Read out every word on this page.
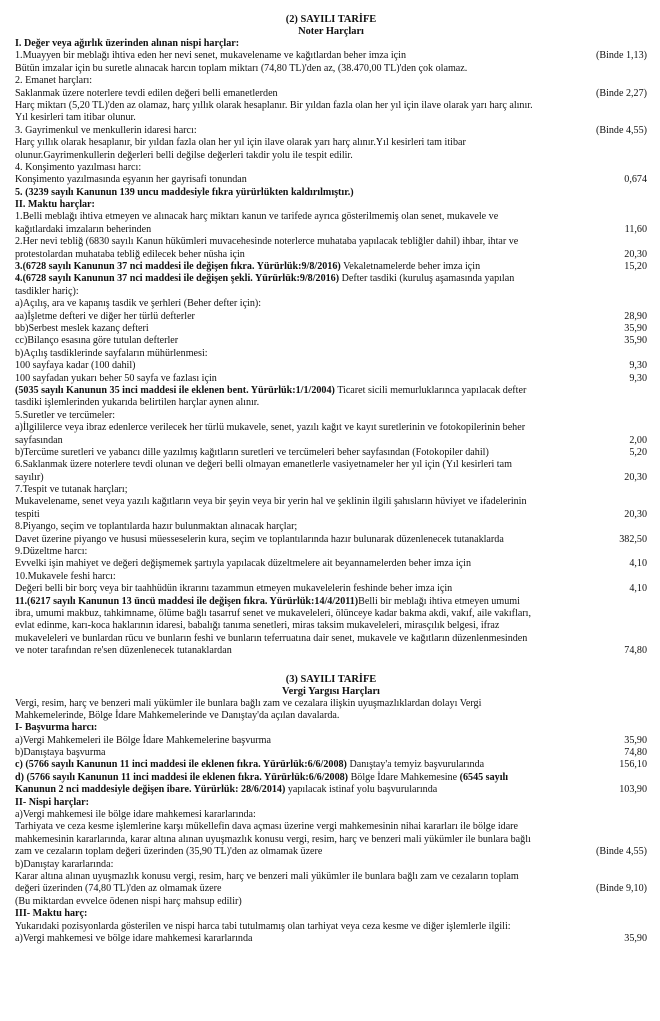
(2) SAYILI TARİFE

Noter Harçları

I. Değer veya ağırlık üzerinden alınan nispi harçlar:
1.Muayyen bir meblağı ihtiva eden her nevi senet, mukavelename ve kağıtlardan beher imza için	(Binde 1,13)
Bütün imzalar için bu suretle alınacak harcın toplam miktarı (74,80 TL)'den az, (38.470,00 TL)'den çok olamaz.
2. Emanet harçları:
Saklanmak üzere noterlere tevdi edilen değeri belli emanetlerden	(Binde 2,27)
Harç miktarı (5,20 TL)'den az olamaz, harç yıllık olarak hesaplanır. Bir yıldan fazla olan her yıl için ilave olarak yarı harç alınır.
Yıl kesirleri tam itibar olunur.
3. Gayrimenkul ve menkullerin idaresi harcı:	(Binde 4,55)
Harç yıllık olarak hesaplanır, bir yıldan fazla olan her yıl için ilave olarak yarı harç alınır.Yıl kesirleri tam itibar
olunur.Gayrimenkullerin değerleri belli değilse değerleri takdir yolu ile tespit edilir.
4. Konşimento yazılması harcı:
Konşimento yazılmasında eşyanın her gayrisafi tonundan	0,674
5. (3239 sayılı Kanunun 139 uncu maddesiyle fıkra yürürlükten kaldırılmıştır.)
II. Maktu harçlar:
1.Belli meblağı ihtiva etmeyen ve alınacak harç miktarı kanun ve tarifede ayrıca gösterilmemiş olan senet, mukavele ve
kağıtlardaki imzaların beherinden	11,60
2.Her nevi tebliğ (6830 sayılı Kanun hükümleri muvacehesinde noterlerce muhataba yapılacak tebliğler dahil) ihbar, ihtar ve
protestolardan muhataba tebliğ edilecek beher nüsha için	20,30
3.(6728 sayılı Kanunun 37 nci maddesi ile değişen fıkra. Yürürlük:9/8/2016) Vekaletnamelerde beher imza için	15,20
4.(6728 sayılı Kanunun 37 nci maddesi ile değişen şekli. Yürürlük:9/8/2016) Defter tasdiki (kuruluş aşamasında yapılan
tasdikler hariç):
a)Açılış, ara ve kapanış tasdik ve şerhleri (Beher defter için):
aa)İşletme defteri ve diğer her türlü defterler	28,90
bb)Serbest meslek kazanç defteri	35,90
cc)Bilanço esasına göre tutulan defterler	35,90
b)Açılış tasdiklerinde sayfaların mühürlenmesi:
100 sayfaya kadar (100 dahil)	9,30
100 sayfadan yukarı beher 50 sayfa ve fazlası için	9,30
(5035 sayılı Kanunun 35 inci maddesi ile eklenen bent. Yürürlük:1/1/2004) Ticaret sicili memurluklarınca yapılacak defter
tasdiki işlemlerinden yukarıda belirtilen harçlar aynen alınır.
5.Suretler ve tercümeler:
a)İlgililerce veya ibraz edenlerce verilecek her türlü mukavele, senet, yazılı kağıt ve kayıt suretlerinin ve fotokopilerinin beher
sayfasından	2,00
b)Tercüme suretleri ve yabancı dille yazılmış kağıtların suretleri ve tercümeleri beher sayfasından (Fotokopiler dahil)	5,20
6.Saklanmak üzere noterlere tevdi olunan ve değeri belli olmayan emanetlerle vasiyetnameler her yıl için (Yıl kesirleri tam
sayılır)	20,30
7.Tespit ve tutanak harçları;
Mukavelename, senet veya yazılı kağıtların veya bir şeyin veya bir yerin hal ve şeklinin ilgili şahısların hüviyet ve ifadelerinin
tespiti	20,30
8.Piyango, seçim ve toplantılarda hazır bulunmaktan alınacak harçlar;
Davet üzerine piyango ve hususi müesseselerin kura, seçim ve toplantılarında hazır bulunarak düzenlenecek tutanaklarda	382,50
9.Düzeltme harcı:
Evvelki işin mahiyet ve değeri değişmemek şartıyla yapılacak düzeltmelere ait beyannamelerden beher imza için	4,10
10.Mukavele feshi harcı:
Değeri belli bir borç veya bir taahhüdün ikrarını tazammun etmeyen mukavelelerin feshinde beher imza için	4,10
11.(6217 sayılı Kanunun 13 üncü maddesi ile değişen fıkra. Yürürlük:14/4/2011)Belli bir meblağı ihtiva etmeyen umumi
ibra, umumi makbuz, tahkimname, ölüme bağlı tasarruf senet ve mukaveleleri, ölünceye kadar bakma akdi, vakıf, aile vakıfları,
evlat edinme, karı-koca haklarının idaresi, babalığı tanıma senetleri, miras taksim mukaveleleri, mirasçılık belgesi, ifraz
mukaveleleri ve bunlardan rücu ve bunların feshi ve bunların teferruatına dair senet, mukavele ve kağıtların düzenlenmesinden
ve noter tarafından re'sen düzenlenecek tutanaklardan	74,80

(3) SAYILI TARİFE

Vergi Yargısı Harçları

Vergi, resim, harç ve benzeri mali yükümler ile bunlara bağlı zam ve cezalara ilişkin uyuşmazlıklardan dolayı Vergi
Mahkemelerinde, Bölge İdare Mahkemelerinde ve Danıştay'da açılan davalarda.
I- Başvurma harcı:
a)Vergi Mahkemeleri ile Bölge İdare Mahkemelerine başvurma	35,90
b)Danıştaya başvurma	74,80
c) (5766 sayılı Kanunun 11 inci maddesi ile eklenen fıkra. Yürürlük:6/6/2008) Danıştay'a temyiz başvurularında	156,10
d) (5766 sayılı Kanunun 11 inci maddesi ile eklenen fıkra. Yürürlük:6/6/2008) Bölge İdare Mahkemesine (6545 sayılı
Kanunun 2 nci maddesiyle değişen ibare. Yürürlük: 28/6/2014) yapılacak istinaf yolu başvurularında	103,90
II- Nispi harçlar:
a)Vergi mahkemesi ile bölge idare mahkemesi kararlarında:
Tarhiyata ve ceza kesme işlemlerine karşı mükellefin dava açması üzerine vergi mahkemesinin nihai kararları ile bölge idare
mahkemesinin kararlarında, karar altına alınan uyuşmazlık konusu vergi, resim, harç ve benzeri mali yükümler ile bunlara bağlı
zam ve cezaların toplam değeri üzerinden (35,90 TL)'den az olmamak üzere	(Binde 4,55)
b)Danıştay kararlarında:
Karar altına alınan uyuşmazlık konusu vergi, resim, harç ve benzeri mali yükümler ile bunlara bağlı zam ve cezaların toplam
değeri üzerinden (74,80 TL)'den az olmamak üzere	(Binde 9,10)
(Bu miktardan evvelce ödenen nispi harç mahsup edilir)
III- Maktu harç:
Yukarıdaki pozisyonlarda gösterilen ve nispi harca tabi tutulmamış olan tarhiyat veya ceza kesme ve diğer işlemlerle ilgili:
a)Vergi mahkemesi ve bölge idare mahkemesi kararlarında	35,90
